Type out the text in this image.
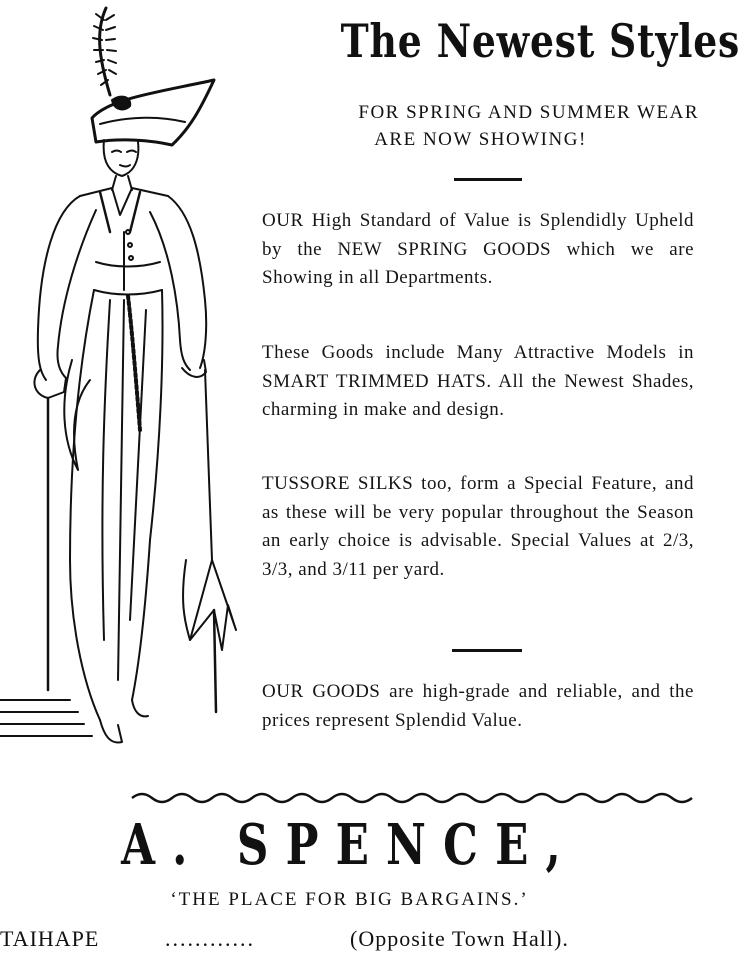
The Newest Styles
FOR SPRING AND SUMMER WEAR
ARE NOW SHOWING!
OUR High Standard of Value is Splendidly Upheld by the NEW SPRING GOODS which we are Showing in all Departments.
These Goods include Many Attractive Models in SMART TRIMMED HATS. All the Newest Shades, charming in make and design.
TUSSORE SILKS too, form a Special Feature, and as these will be very popular throughout the Season an early choice is advisable. Special Values at 2/3, 3/3, and 3/11 per yard.
OUR GOODS are high-grade and reliable, and the prices represent Splendid Value.
A. SPENCE,
‘THE PLACE FOR BIG BARGAINS.’
TAIHAPE	............	(Opposite Town Hall).
